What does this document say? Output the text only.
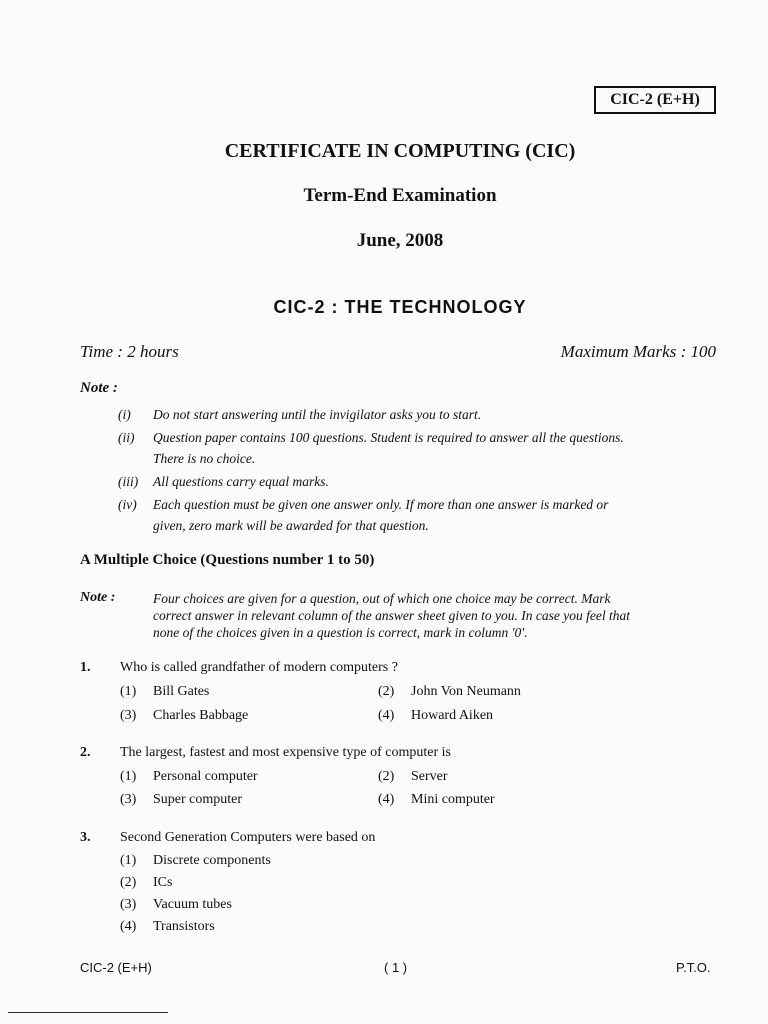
CIC-2 (E+H)
CERTIFICATE IN COMPUTING (CIC)
Term-End Examination
June, 2008
CIC-2 : THE TECHNOLOGY
Time : 2 hours	Maximum Marks : 100
Note :
(i) Do not start answering until the invigilator asks you to start.
(ii) Question paper contains 100 questions. Student is required to answer all the questions.
There is no choice.
(iii) All questions carry equal marks.
(iv) Each question must be given one answer only. If more than one answer is marked or
given, zero mark will be awarded for that question.
A Multiple Choice (Questions number 1 to 50)
Note :	Four choices are given for a question, out of which one choice may be correct. Mark
correct answer in relevant column of the answer sheet given to you. In case you feel that
none of the choices given in a question is correct, mark in column '0'.
1. Who is called grandfather of modern computers ?
(1) Bill Gates	(2) John Von Neumann
(3) Charles Babbage	(4) Howard Aiken
2. The largest, fastest and most expensive type of computer is
(1) Personal computer	(2) Server
(3) Super computer	(4) Mini computer
3. Second Generation Computers were based on
(1) Discrete components
(2) ICs
(3) Vacuum tubes
(4) Transistors
CIC-2 (E+H)	( 1 )	P.T.O.
